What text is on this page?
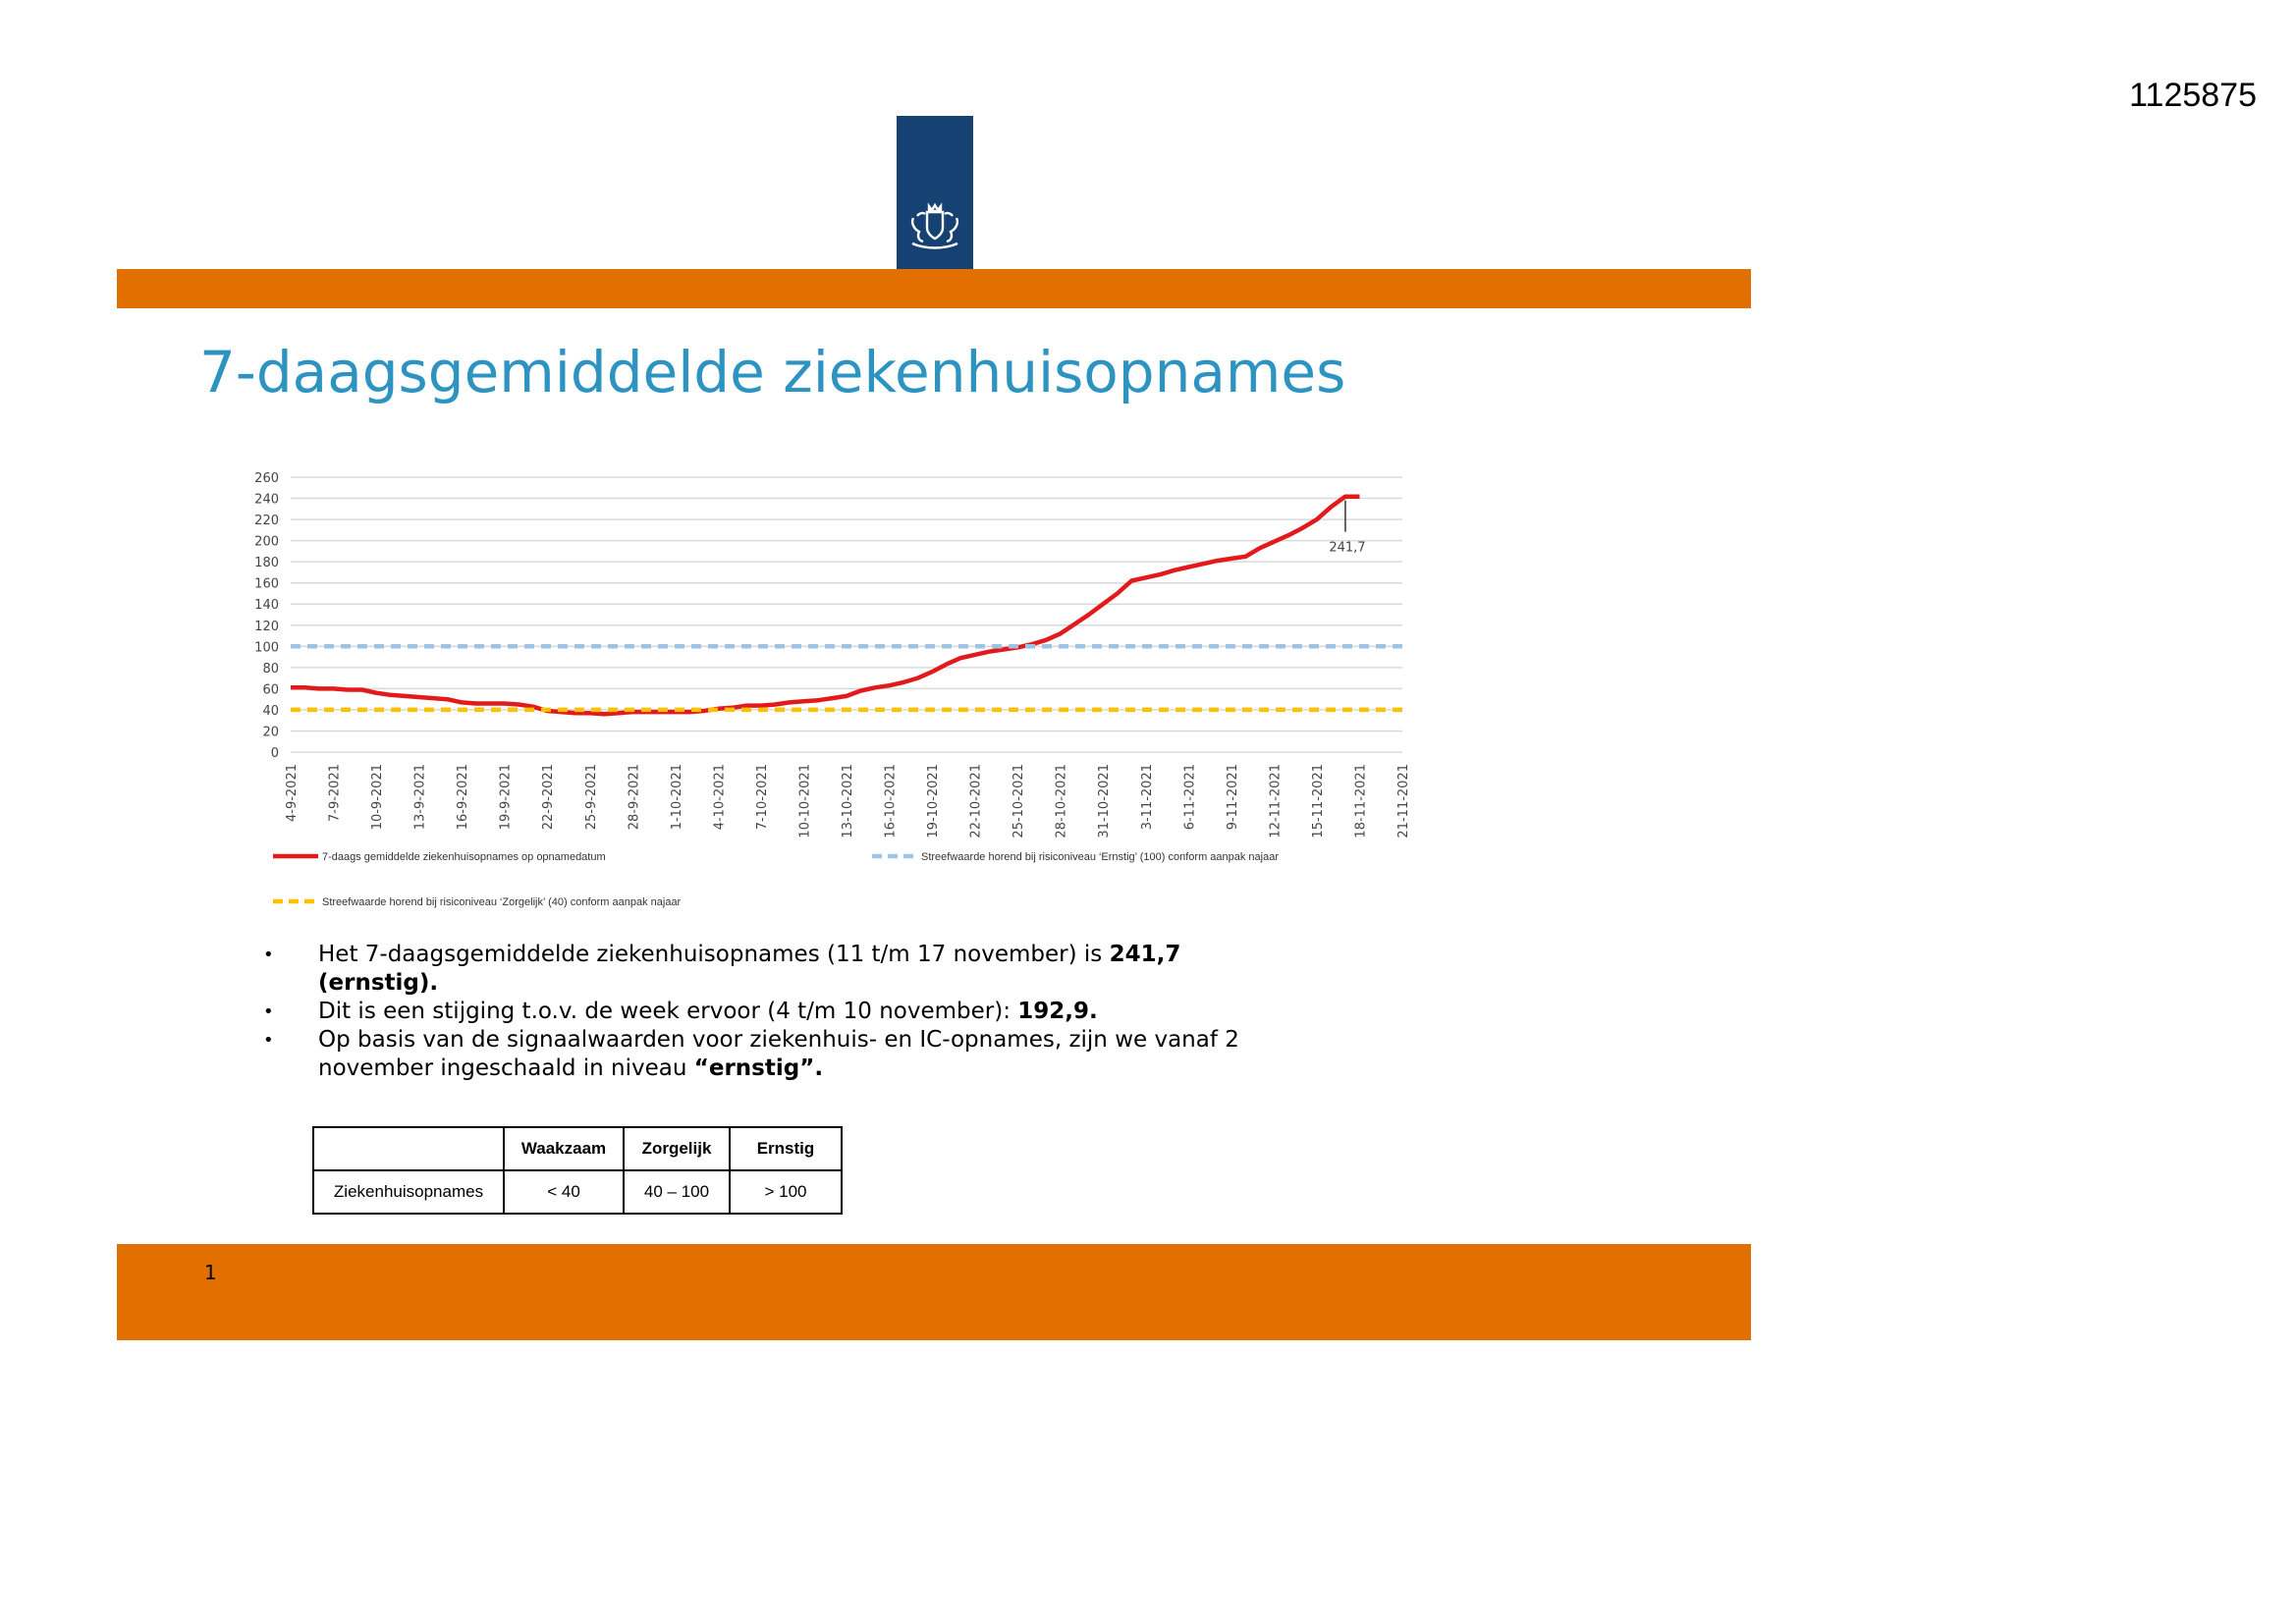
1125875
7-daagsgemiddelde ziekenhuisopnames
0
20
40
60
80
100
120
140
160
180
200
220
240
260
4-9-2021 7-9-2021 10-9-2021 13-9-2021 16-9-2021 19-9-2021 22-9-2021 25-9-2021 28-9-2021 1-10-2021 4-10-2021 7-10-2021 10-10-2021 13-10-2021 16-10-2021 19-10-2021 22-10-2021 25-10-2021 28-10-2021 31-10-2021 3-11-2021 6-11-2021 9-11-2021 12-11-2021 15-11-2021 18-11-2021 21-11-2021
241,7
7-daags gemiddelde ziekenhuisopnames op opnamedatum	Streefwaarde horend bij risiconiveau ‘Ernstig’ (100) conform aanpak najaar
Streefwaarde horend bij risiconiveau ‘Zorgelijk’ (40) conform aanpak najaar
• Het 7-daagsgemiddelde ziekenhuisopnames (11 t/m 17 november) is 241,7 (ernstig).
• Dit is een stijging t.o.v. de week ervoor (4 t/m 10 november): 192,9.
• Op basis van de signaalwaarden voor ziekenhuis- en IC-opnames, zijn we vanaf 2 november ingeschaald in niveau “ernstig”.
	Waakzaam	Zorgelijk	Ernstig
Ziekenhuisopnames	< 40	40 – 100	> 100
1
